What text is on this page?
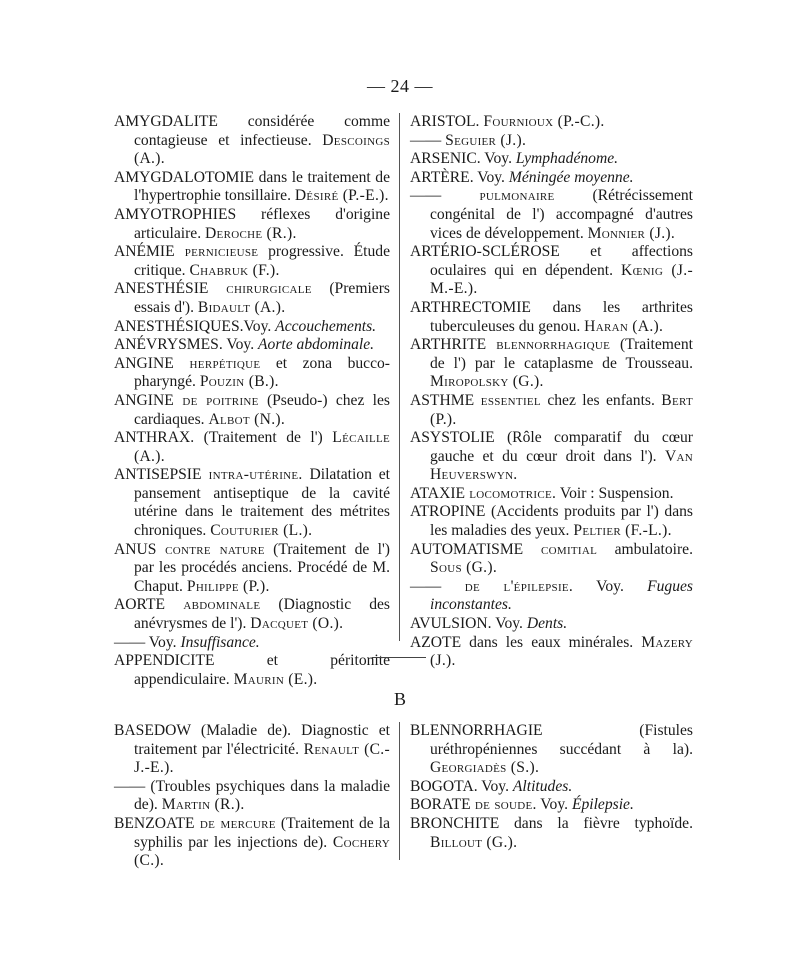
— 24 —

AMYGDALITE considérée comme contagieuse et infectieuse. Descoings (A.).

AMYGDALOTOMIE dans le traitement de l'hypertrophie tonsillaire. Désiré (P.-E.).

AMYOTROPHIES réflexes d'origine articulaire. Deroche (R.).

ANÉMIE pernicieuse progressive. Étude critique. Chabruk (F.).

ANESTHÉSIE chirurgicale (Premiers essais d'). Bidault (A.).

ANESTHÉSIQUES.Voy. Accouchements.

ANÉVRYSMES. Voy. Aorte abdominale.

ANGINE herpétique et zona bucco-pharyngé. Pouzin (B.).

ANGINE de poitrine (Pseudo-) chez les cardiaques. Albot (N.).

ANTHRAX. (Traitement de l') Lécaille (A.).

ANTISEPSIE intra-utérine. Dilatation et pansement antiseptique de la cavité utérine dans le traitement des métrites chroniques. Couturier (L.).

ANUS contre nature (Traitement de l') par les procédés anciens. Procédé de M. Chaput. Philippe (P.).

AORTE abdominale (Diagnostic des anévrysmes de l'). Dacquet (O.).

—— Voy. Insuffisance.

APPENDICITE et péritonite appendiculaire. Maurin (E.).

ARISTOL. Fournioux (P.-C.).

—— Seguier (J.).

ARSENIC. Voy. Lymphadénome.

ARTÈRE. Voy. Méningée moyenne.

—— pulmonaire (Rétrécissement congénital de l') accompagné d'autres vices de développement. Monnier (J.).

ARTÉRIO-SCLÉROSE et affections oculaires qui en dépendent. Kœnig (J.-M.-E.).

ARTHRECTOMIE dans les arthrites tuberculeuses du genou. Haran (A.).

ARTHRITE blennorrhagique (Traitement de l') par le cataplasme de Trousseau. Miropolsky (G.).

ASTHME essentiel chez les enfants. Bert (P.).

ASYSTOLIE (Rôle comparatif du cœur gauche et du cœur droit dans l'). Van Heuverswyn.

ATAXIE locomotrice. Voir : Suspension.

ATROPINE (Accidents produits par l') dans les maladies des yeux. Peltier (F.-L.).

AUTOMATISME comitial ambulatoire. Sous (G.).

—— de l'épilepsie. Voy. Fugues inconstantes.

AVULSION. Voy. Dents.

AZOTE dans les eaux minérales. Mazery (J.).

B

BASEDOW (Maladie de). Diagnostic et traitement par l'électricité. Renault (C.-J.-E.).

—— (Troubles psychiques dans la maladie de). Martin (R.).

BENZOATE de mercure (Traitement de la syphilis par les injections de). Cochery (C.).

BLENNORRHAGIE (Fistules uréthropéniennes succédant à la). Georgiadès (S.).

BOGOTA. Voy. Altitudes.

BORATE de soude. Voy. Épilepsie.

BRONCHITE dans la fièvre typhoïde. Billout (G.).
